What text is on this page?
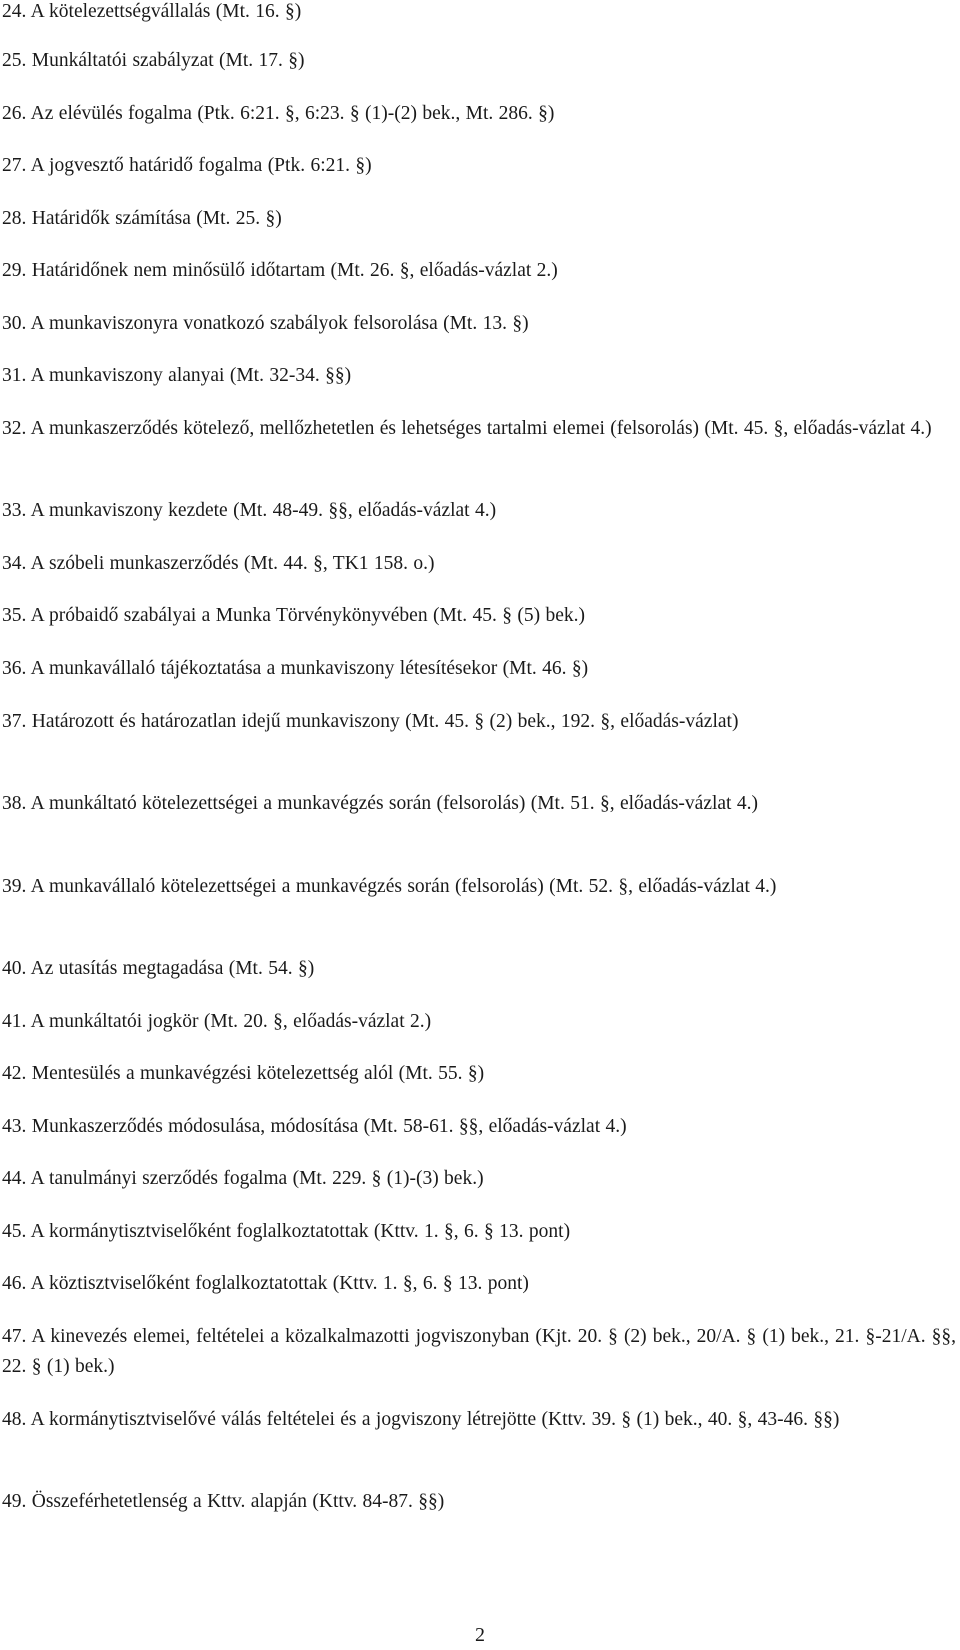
24. A kötelezettségvállalás (Mt. 16. §)
25. Munkáltatói szabályzat (Mt. 17. §)
26. Az elévülés fogalma (Ptk. 6:21. §, 6:23. § (1)-(2) bek., Mt. 286. §)
27. A jogvesztő határidő fogalma (Ptk. 6:21. §)
28. Határidők számítása (Mt. 25. §)
29. Határidőnek nem minősülő időtartam (Mt. 26. §, előadás-vázlat 2.)
30. A munkaviszonyra vonatkozó szabályok felsorolása (Mt. 13. §)
31. A munkaviszony alanyai (Mt. 32-34. §§)
32. A munkaszerződés kötelező, mellőzhetetlen és lehetséges tartalmi elemei (felsorolás) (Mt. 45. §, előadás-vázlat 4.)
33. A munkaviszony kezdete (Mt. 48-49. §§, előadás-vázlat 4.)
34. A szóbeli munkaszerződés (Mt. 44. §, TK1 158. o.)
35. A próbaidő szabályai a Munka Törvénykönyvében (Mt. 45. § (5) bek.)
36. A munkavállaló tájékoztatása a munkaviszony létesítésekor (Mt. 46. §)
37. Határozott és határozatlan idejű munkaviszony (Mt. 45. § (2) bek., 192. §, előadás-vázlat)
38. A munkáltató kötelezettségei a munkavégzés során (felsorolás) (Mt. 51. §, előadás-vázlat 4.)
39. A munkavállaló kötelezettségei a munkavégzés során (felsorolás) (Mt. 52. §, előadás-vázlat 4.)
40. Az utasítás megtagadása (Mt. 54. §)
41. A munkáltatói jogkör (Mt. 20. §, előadás-vázlat 2.)
42. Mentesülés a munkavégzési kötelezettség alól (Mt. 55. §)
43. Munkaszerződés módosulása, módosítása (Mt. 58-61. §§, előadás-vázlat 4.)
44. A tanulmányi szerződés fogalma (Mt. 229. § (1)-(3) bek.)
45. A kormánytisztviselőként foglalkoztatottak (Kttv. 1. §, 6. § 13. pont)
46. A köztisztviselőként foglalkoztatottak (Kttv. 1. §, 6. § 13. pont)
47. A kinevezés elemei, feltételei a közalkalmazotti jogviszonyban (Kjt. 20. § (2) bek., 20/A. § (1) bek., 21. §-21/A. §§, 22. § (1) bek.)
48. A kormánytisztviselővé válás feltételei és a jogviszony létrejötte (Kttv. 39. § (1) bek., 40. §, 43-46. §§)
49. Összeférhetetlenség a Kttv. alapján (Kttv. 84-87. §§)
2
